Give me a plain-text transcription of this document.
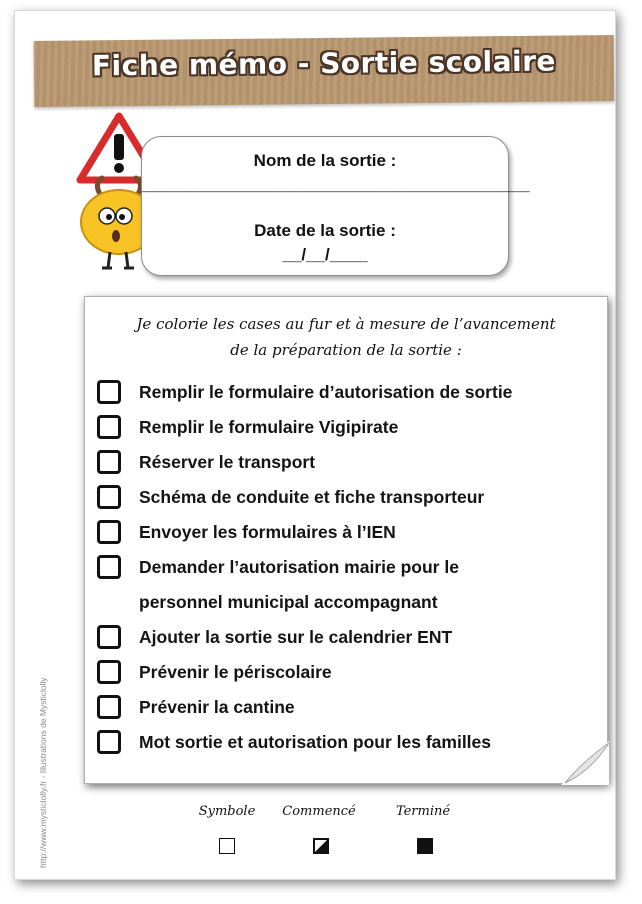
Fiche mémo - Sortie scolaire
Nom de la sortie :
_________________________________________
Date de la sortie :
__/__/____
Je colorie les cases au fur et à mesure de l’avancement
de la préparation de la sortie :
Remplir le formulaire d’autorisation de sortie
Remplir le formulaire Vigipirate
Réserver le transport
Schéma de conduite et fiche transporteur
Envoyer les formulaires à l’IEN
Demander l’autorisation mairie pour le
personnel municipal accompagnant
Ajouter la sortie sur le calendrier ENT
Prévenir le périscolaire
Prévenir la cantine
Mot sortie et autorisation pour les familles
Symbole	Commencé	Terminé
http://www.mysticlolly.fr - Illustrations de Mysticlolly
